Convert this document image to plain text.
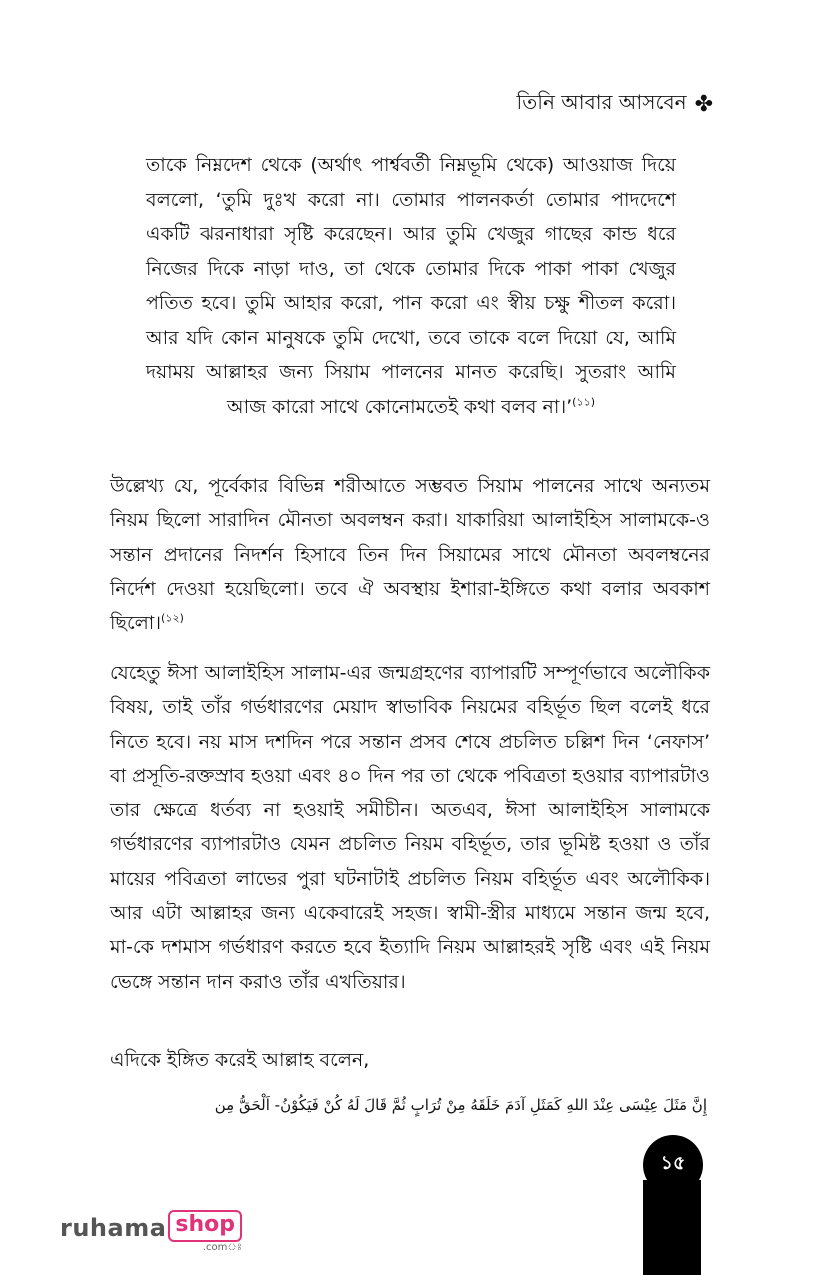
তিনি আবার আসবেন ✤
তাকে নিম্নদেশ থেকে (অর্থাৎ পার্শ্ববর্তী নিম্নভূমি থেকে) আওয়াজ দিয়ে বললো, ‘তুমি দুঃখ করো না। তোমার পালনকর্তা তোমার পাদদেশে একটি ঝরনাধারা সৃষ্টি করেছেন। আর তুমি খেজুর গাছের কান্ড ধরে নিজের দিকে নাড়া দাও, তা থেকে তোমার দিকে পাকা পাকা খেজুর পতিত হবে। তুমি আহার করো, পান করো এং স্বীয় চক্ষু শীতল করো। আর যদি কোন মানুষকে তুমি দেখো, তবে তাকে বলে দিয়ো যে, আমি দয়াময় আল্লাহর জন্য সিয়াম পালনের মানত করেছি। সুতরাং আমি আজ কারো সাথে কোনোমতেই কথা বলব না।’$^{(১১)}$
উল্লেখ্য যে, পূর্বেকার বিভিন্ন শরীআতে সম্ভবত সিয়াম পালনের সাথে অন্যতম নিয়ম ছিলো সারাদিন মৌনতা অবলম্বন করা। যাকারিয়া আলাইহিস সালামকে-ও সন্তান প্রদানের নিদর্শন হিসাবে তিন দিন সিয়ামের সাথে মৌনতা অবলম্বনের নির্দেশ দেওয়া হয়েছিলো। তবে ঐ অবস্থায় ইশারা-ইঙ্গিতে কথা বলার অবকাশ ছিলো।$^{(১২)}$
যেহেতু ঈসা আলাইহিস সালাম-এর জন্মগ্রহণের ব্যাপারটি সম্পূর্ণভাবে অলৌকিক বিষয়, তাই তাঁর গর্ভধারণের মেয়াদ স্বাভাবিক নিয়মের বহির্ভূত ছিল বলেই ধরে নিতে হবে। নয় মাস দশদিন পরে সন্তান প্রসব শেষে প্রচলিত চল্লিশ দিন ‘নেফাস’ বা প্রসূতি-রক্তস্রাব হওয়া এবং ৪০ দিন পর তা থেকে পবিত্রতা হওয়ার ব্যাপারটাও তার ক্ষেত্রে ধর্তব্য না হওয়াই সমীচীন। অতএব, ঈসা আলাইহিস সালামকে গর্ভধারণের ব্যাপারটাও যেমন প্রচলিত নিয়ম বহির্ভূত, তার ভূমিষ্ট হওয়া ও তাঁর মায়ের পবিত্রতা লাভের পুরা ঘটনাটাই প্রচলিত নিয়ম বহির্ভূত এবং অলৌকিক। আর এটা আল্লাহর জন্য একেবারেই সহজ। স্বামী-স্ত্রীর মাধ্যমে সন্তান জন্ম হবে, মা-কে দশমাস গর্ভধারণ করতে হবে ইত্যাদি নিয়ম আল্লাহরই সৃষ্টি এবং এই নিয়ম ভেঙ্গে সন্তান দান করাও তাঁর এখতিয়ার।
এদিকে ইঙ্গিত করেই আল্লাহ বলেন,
إِنَّ مَثَلَ عِيْسَى عِنْدَ اللهِ كَمَثَلِ آدَمَ خَلَقَهُ مِنْ تُرَابٍ ثُمَّ قَالَ لَهُ كُنْ فَيَكُوْنُ- اَلْحَقُّ مِن
১৫
ruhama shop
.comঃ
